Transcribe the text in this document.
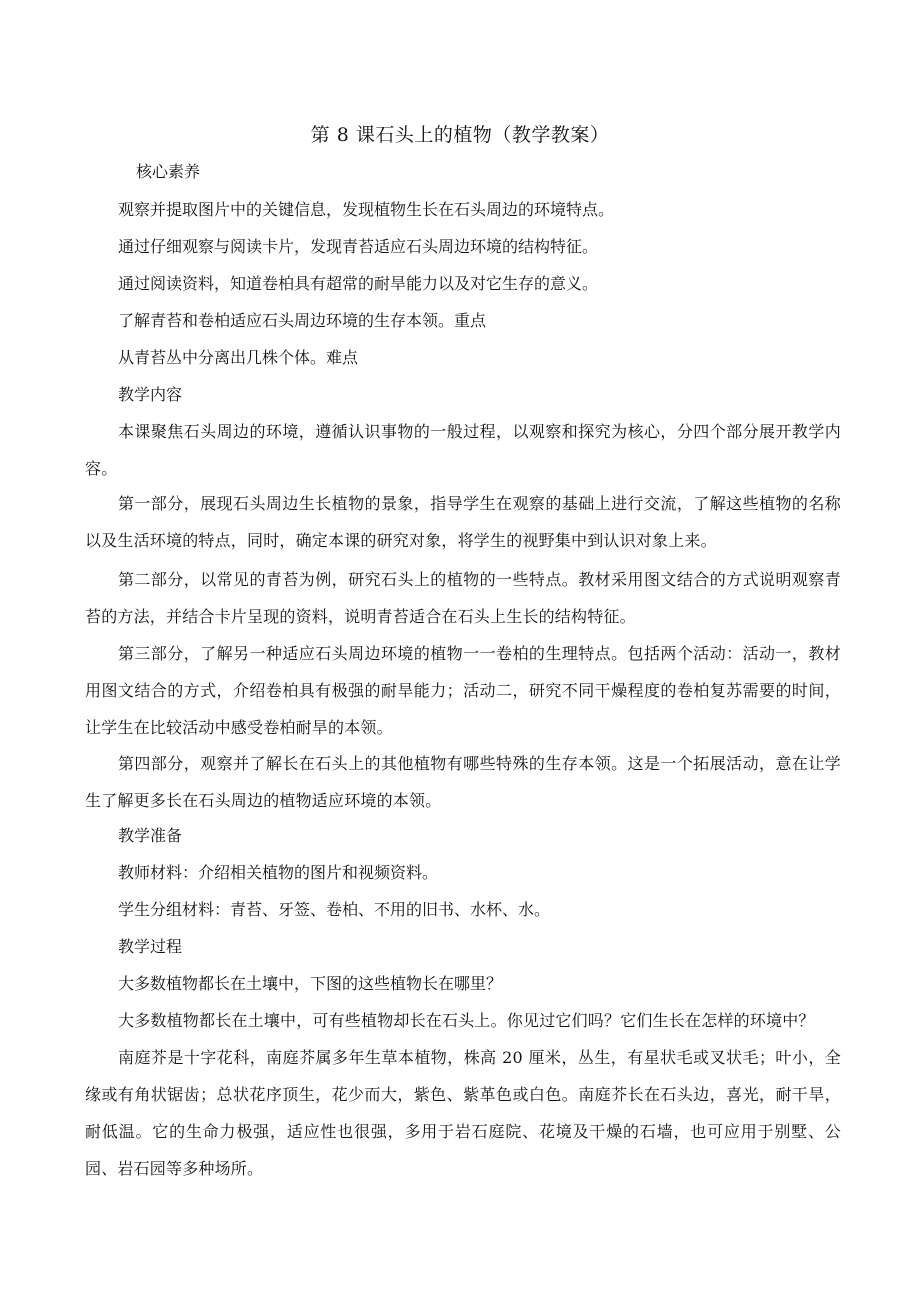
第 8 课石头上的植物（教学教案）
核心素养
观察并提取图片中的关键信息，发现植物生长在石头周边的环境特点。
通过仔细观察与阅读卡片，发现青苔适应石头周边环境的结构特征。
通过阅读资料，知道卷柏具有超常的耐旱能力以及对它生存的意义。
了解青苔和卷柏适应石头周边环境的生存本领。重点
从青苔丛中分离出几株个体。难点
教学内容
本课聚焦石头周边的环境，遵循认识事物的一般过程，以观察和探究为核心，分四个部分展开教学内容。
第一部分，展现石头周边生长植物的景象，指导学生在观察的基础上进行交流，了解这些植物的名称以及生活环境的特点，同时，确定本课的研究对象，将学生的视野集中到认识对象上来。
第二部分，以常见的青苔为例，研究石头上的植物的一些特点。教材采用图文结合的方式说明观察青苔的方法，并结合卡片呈现的资料，说明青苔适合在石头上生长的结构特征。
第三部分，了解另一种适应石头周边环境的植物一一卷柏的生理特点。包括两个活动：活动一，教材用图文结合的方式，介绍卷柏具有极强的耐旱能力；活动二，研究不同干燥程度的卷柏复苏需要的时间，让学生在比较活动中感受卷柏耐旱的本领。
第四部分，观察并了解长在石头上的其他植物有哪些特殊的生存本领。这是一个拓展活动，意在让学生了解更多长在石头周边的植物适应环境的本领。
教学准备
教师材料：介绍相关植物的图片和视频资料。
学生分组材料：青苔、牙签、卷柏、不用的旧书、水杯、水。
教学过程
大多数植物都长在土壤中，下图的这些植物长在哪里？
大多数植物都长在土壤中，可有些植物却长在石头上。你见过它们吗？它们生长在怎样的环境中？
南庭芥是十字花科，南庭芥属多年生草本植物，株高 20 厘米，丛生，有星状毛或叉状毛；叶小，全缘或有角状锯齿；总状花序顶生，花少而大，紫色、紫革色或白色。南庭芥长在石头边，喜光，耐干旱，耐低温。它的生命力极强，适应性也很强，多用于岩石庭院、花境及干燥的石墙，也可应用于别墅、公园、岩石园等多种场所。
